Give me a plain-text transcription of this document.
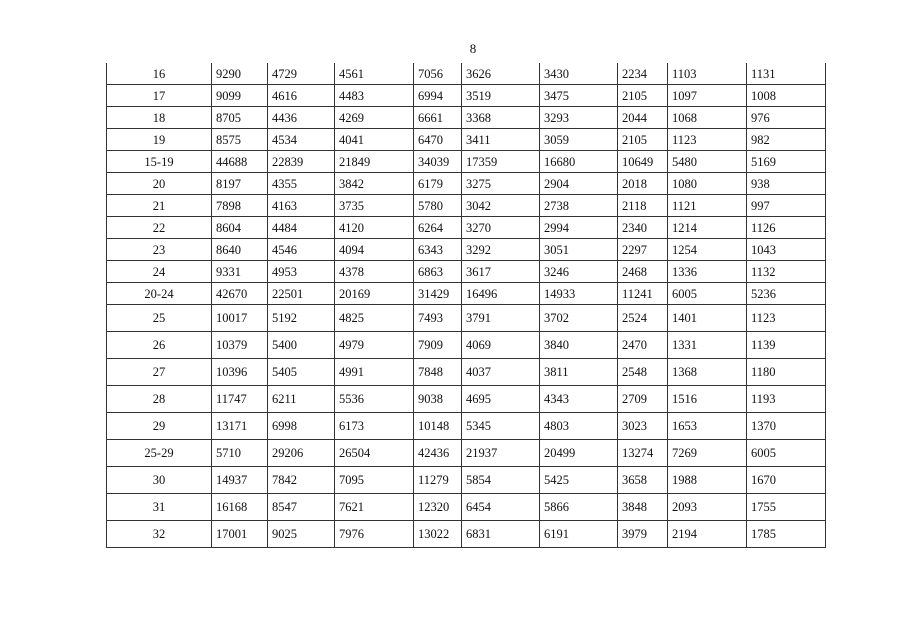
8
16	9290	4729	4561	7056	3626	3430	2234	1103	1131
17	9099	4616	4483	6994	3519	3475	2105	1097	1008
18	8705	4436	4269	6661	3368	3293	2044	1068	976
19	8575	4534	4041	6470	3411	3059	2105	1123	982
15-19	44688	22839	21849	34039	17359	16680	10649	5480	5169
20	8197	4355	3842	6179	3275	2904	2018	1080	938
21	7898	4163	3735	5780	3042	2738	2118	1121	997
22	8604	4484	4120	6264	3270	2994	2340	1214	1126
23	8640	4546	4094	6343	3292	3051	2297	1254	1043
24	9331	4953	4378	6863	3617	3246	2468	1336	1132
20-24	42670	22501	20169	31429	16496	14933	11241	6005	5236
25	10017	5192	4825	7493	3791	3702	2524	1401	1123
26	10379	5400	4979	7909	4069	3840	2470	1331	1139
27	10396	5405	4991	7848	4037	3811	2548	1368	1180
28	11747	6211	5536	9038	4695	4343	2709	1516	1193
29	13171	6998	6173	10148	5345	4803	3023	1653	1370
25-29	5710	29206	26504	42436	21937	20499	13274	7269	6005
30	14937	7842	7095	11279	5854	5425	3658	1988	1670
31	16168	8547	7621	12320	6454	5866	3848	2093	1755
32	17001	9025	7976	13022	6831	6191	3979	2194	1785
